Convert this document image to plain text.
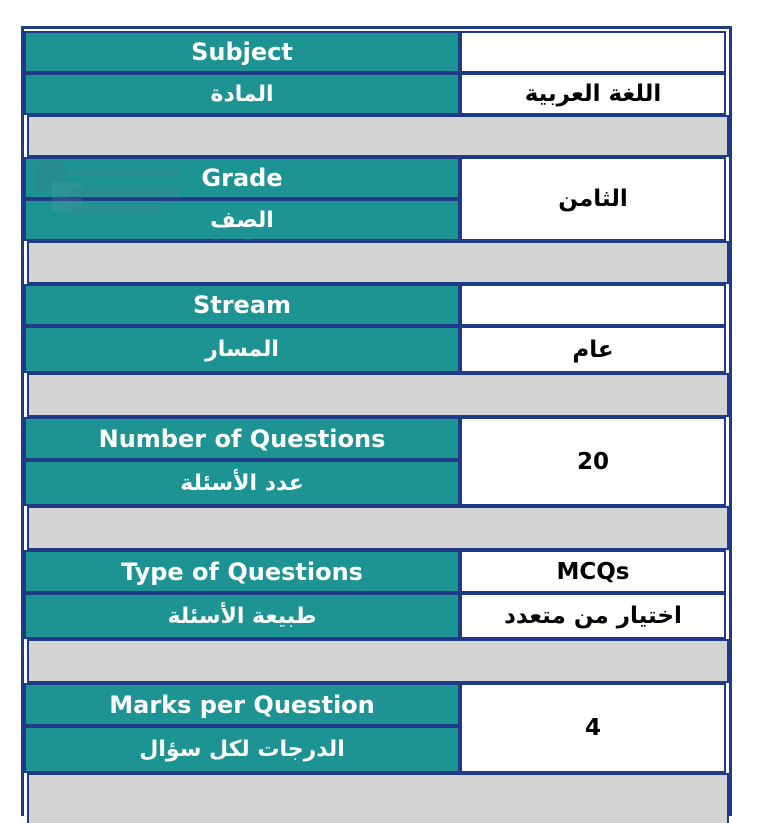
Subject
المادة	اللغة العربية
Grade
الصف
الثامن
Stream
المسار	عام
Number of Questions
عدد الأسئلة
20
Type of Questions
طبيعة الأسئلة
MCQs
اختيار من متعدد
Marks per Question
الدرجات لكل سؤال
4
